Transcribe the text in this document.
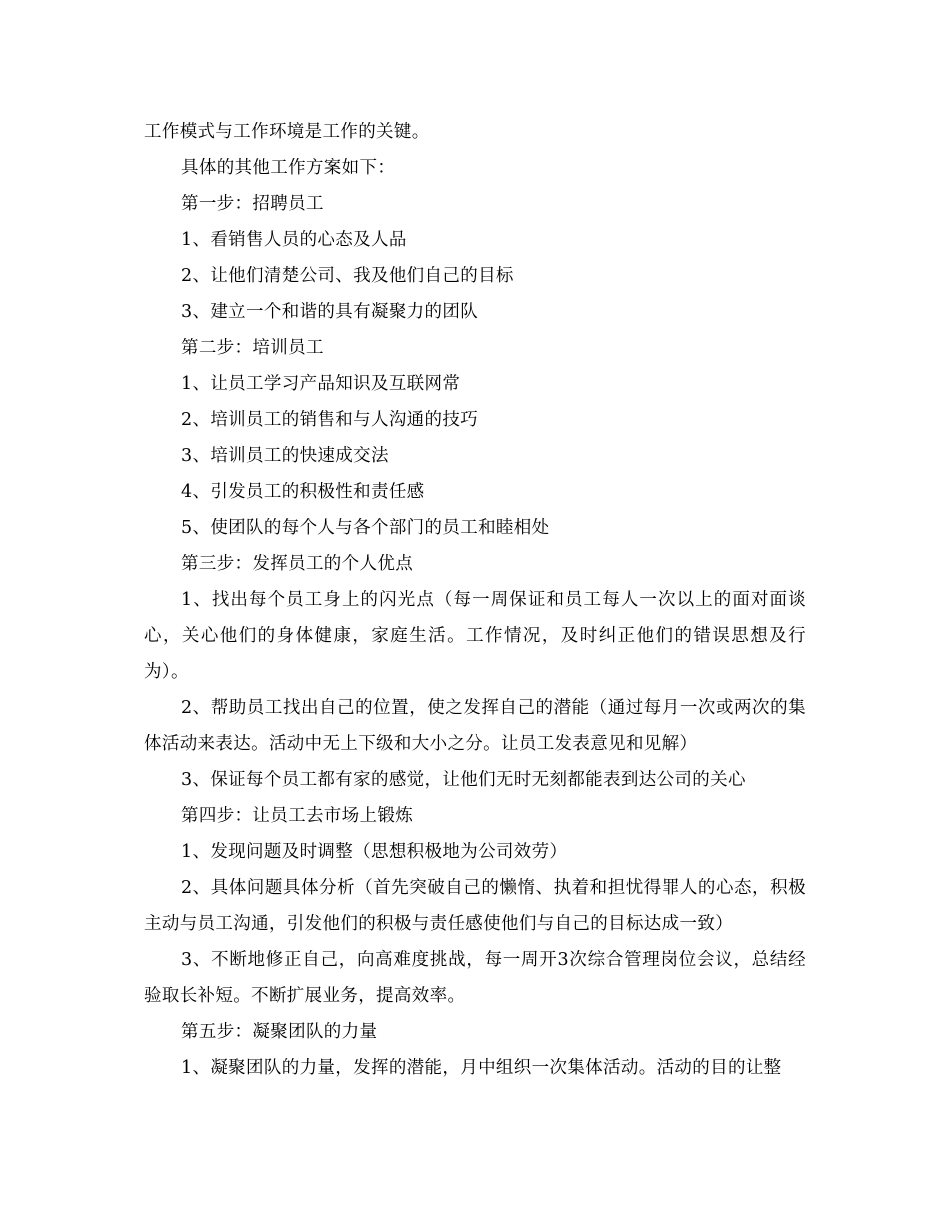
工作模式与工作环境是工作的关键。

具体的其他工作方案如下：

第一步：招聘员工

1、看销售人员的心态及人品

2、让他们清楚公司、我及他们自己的目标

3、建立一个和谐的具有凝聚力的团队

第二步：培训员工

1、让员工学习产品知识及互联网常

2、培训员工的销售和与人沟通的技巧

3、培训员工的快速成交法

4、引发员工的积极性和责任感

5、使团队的每个人与各个部门的员工和睦相处

第三步：发挥员工的个人优点

1、找出每个员工身上的闪光点（每一周保证和员工每人一次以上的面对面谈心，关心他们的身体健康，家庭生活。工作情况，及时纠正他们的错误思想及行为）。

2、帮助员工找出自己的位置，使之发挥自己的潜能（通过每月一次或两次的集体活动来表达。活动中无上下级和大小之分。让员工发表意见和见解）

3、保证每个员工都有家的感觉，让他们无时无刻都能表到达公司的关心

第四步：让员工去市场上锻炼

1、发现问题及时调整（思想积极地为公司效劳）

2、具体问题具体分析（首先突破自己的懒惰、执着和担忧得罪人的心态，积极主动与员工沟通，引发他们的积极与责任感使他们与自己的目标达成一致）

3、不断地修正自己，向高难度挑战，每一周开3次综合管理岗位会议，总结经验取长补短。不断扩展业务，提高效率。

第五步：凝聚团队的力量

1、凝聚团队的力量，发挥的潜能，月中组织一次集体活动。活动的目的让整
